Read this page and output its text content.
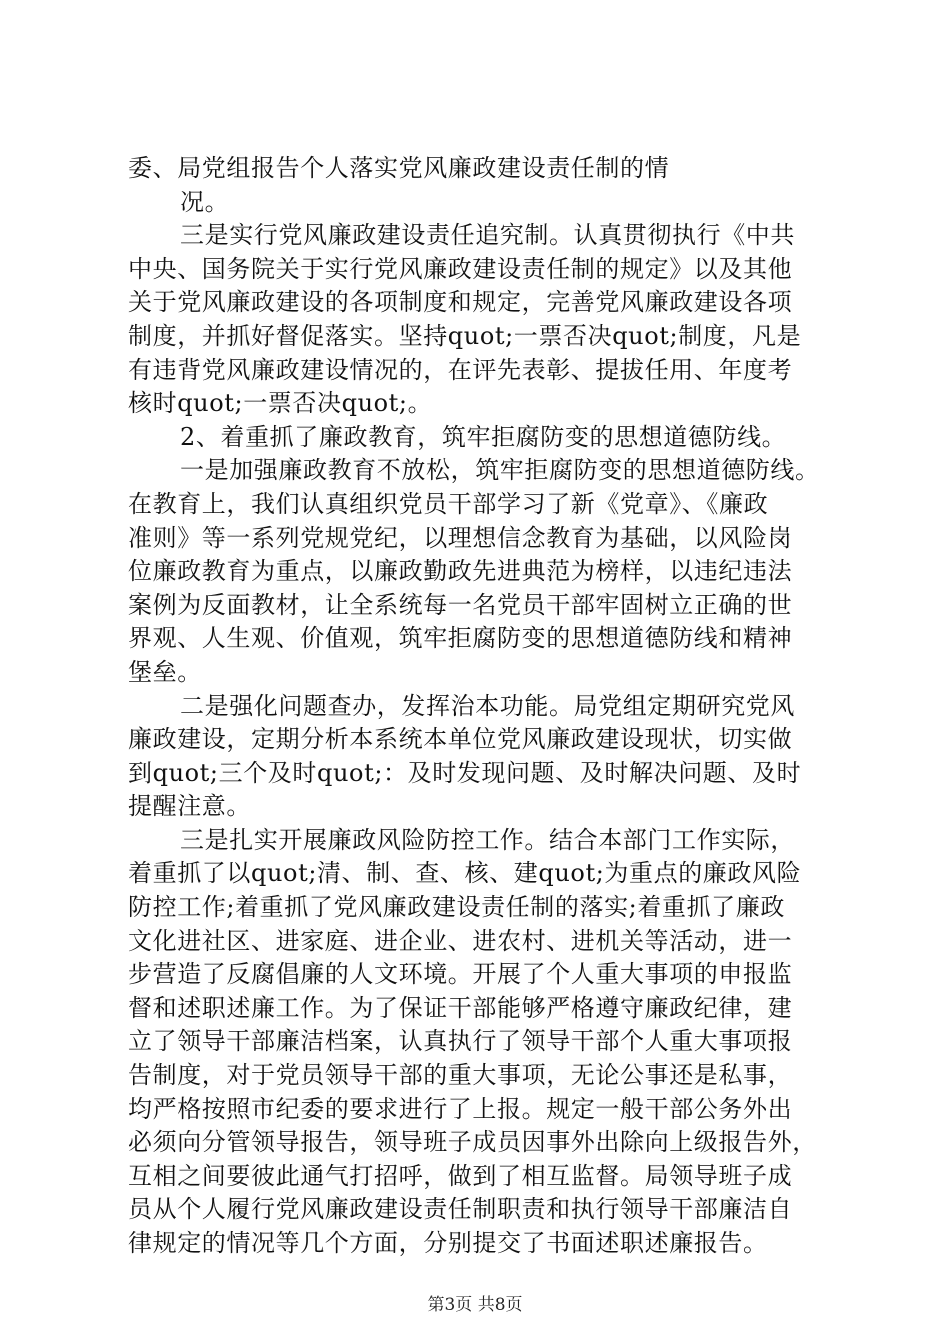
委、局党组报告个人落实党风廉政建设责任制的情
况。
三是实行党风廉政建设责任追究制。认真贯彻执行《中共
中央、国务院关于实行党风廉政建设责任制的规定》以及其他
关于党风廉政建设的各项制度和规定，完善党风廉政建设各项
制度，并抓好督促落实。坚持quot;一票否决quot;制度，凡是
有违背党风廉政建设情况的，在评先表彰、提拔任用、年度考
核时quot;一票否决quot;。
2、着重抓了廉政教育，筑牢拒腐防变的思想道德防线。
一是加强廉政教育不放松，筑牢拒腐防变的思想道德防线。
在教育上，我们认真组织党员干部学习了新《党章》、《廉政
准则》等一系列党规党纪，以理想信念教育为基础，以风险岗
位廉政教育为重点，以廉政勤政先进典范为榜样，以违纪违法
案例为反面教材，让全系统每一名党员干部牢固树立正确的世
界观、人生观、价值观，筑牢拒腐防变的思想道德防线和精神
堡垒。
二是强化问题查办，发挥治本功能。局党组定期研究党风
廉政建设，定期分析本系统本单位党风廉政建设现状，切实做
到quot;三个及时quot;：及时发现问题、及时解决问题、及时
提醒注意。
三是扎实开展廉政风险防控工作。结合本部门工作实际，
着重抓了以quot;清、制、查、核、建quot;为重点的廉政风险
防控工作;着重抓了党风廉政建设责任制的落实;着重抓了廉政
文化进社区、进家庭、进企业、进农村、进机关等活动，进一
步营造了反腐倡廉的人文环境。开展了个人重大事项的申报监
督和述职述廉工作。为了保证干部能够严格遵守廉政纪律，建
立了领导干部廉洁档案，认真执行了领导干部个人重大事项报
告制度，对于党员领导干部的重大事项，无论公事还是私事，
均严格按照市纪委的要求进行了上报。规定一般干部公务外出
必须向分管领导报告，领导班子成员因事外出除向上级报告外，
互相之间要彼此通气打招呼，做到了相互监督。局领导班子成
员从个人履行党风廉政建设责任制职责和执行领导干部廉洁自
律规定的情况等几个方面，分别提交了书面述职述廉报告。
第3页 共8页
